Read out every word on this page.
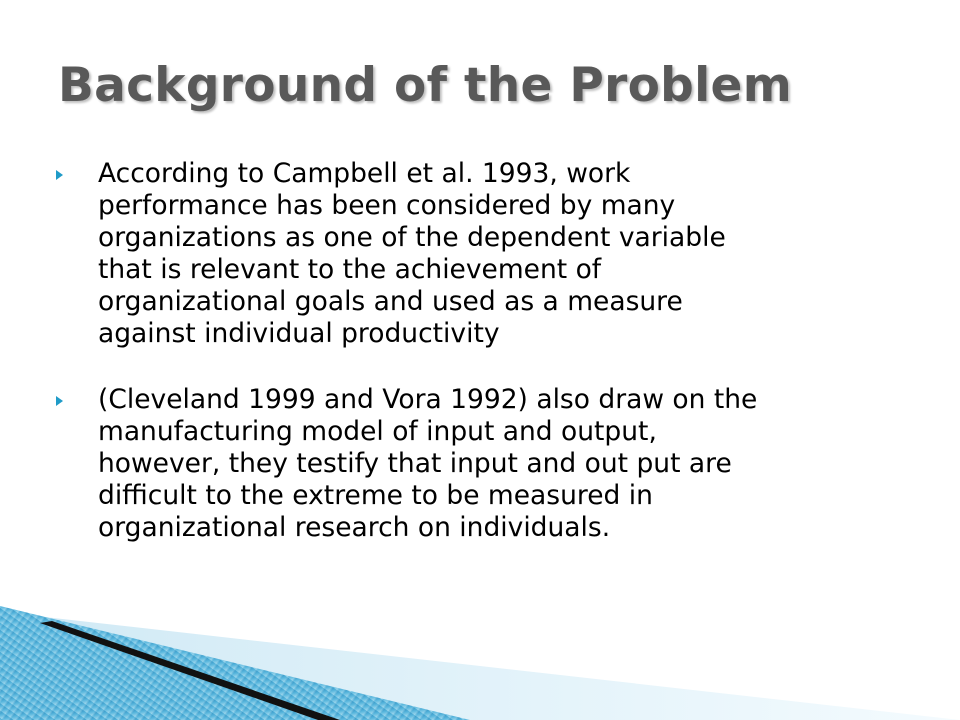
Background of the Problem
According to Campbell et al. 1993, work
performance has been considered by many
organizations as one of the dependent variable
that is relevant to the achievement of
organizational goals and used as a measure
against individual productivity
(Cleveland 1999 and Vora 1992) also draw on the
manufacturing model of input and output,
however, they testify that input and out put are
difficult to the extreme to be measured in
organizational research on individuals.
